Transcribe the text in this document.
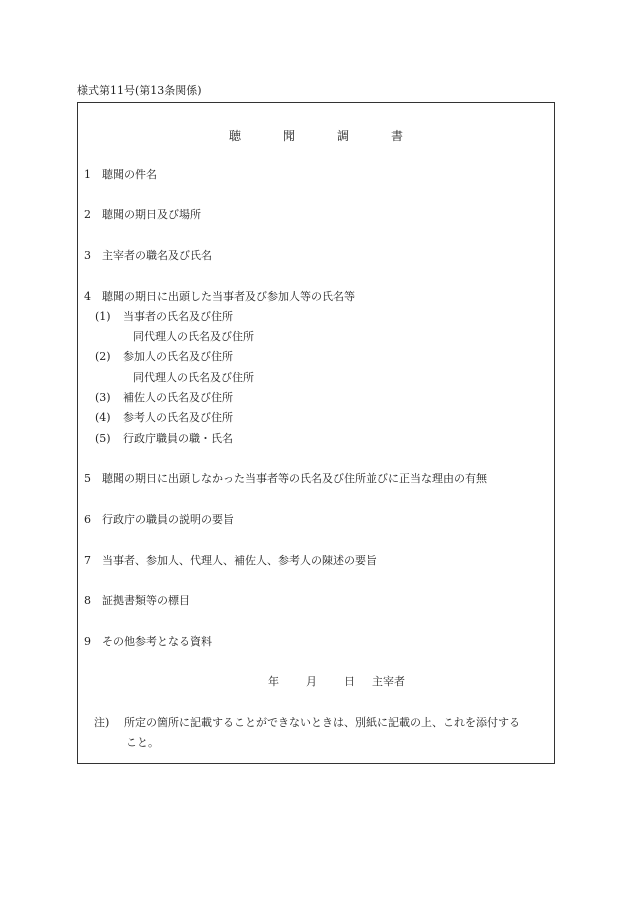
様式第11号(第13条関係)
聴	聞	調	書
1 聴聞の件名
2 聴聞の期日及び場所
3 主宰者の職名及び氏名
4 聴聞の期日に出頭した当事者及び参加人等の氏名等
(1) 当事者の氏名及び住所
同代理人の氏名及び住所
(2) 参加人の氏名及び住所
同代理人の氏名及び住所
(3) 補佐人の氏名及び住所
(4) 参考人の氏名及び住所
(5) 行政庁職員の職・氏名
5 聴聞の期日に出頭しなかった当事者等の氏名及び住所並びに正当な理由の有無
6 行政庁の職員の説明の要旨
7 当事者、参加人、代理人、補佐人、参考人の陳述の要旨
8 証拠書類等の標目
9 その他参考となる資料
年 月 日 主宰者
注) 所定の箇所に記載することができないときは、別紙に記載の上、これを添付する
こと。
